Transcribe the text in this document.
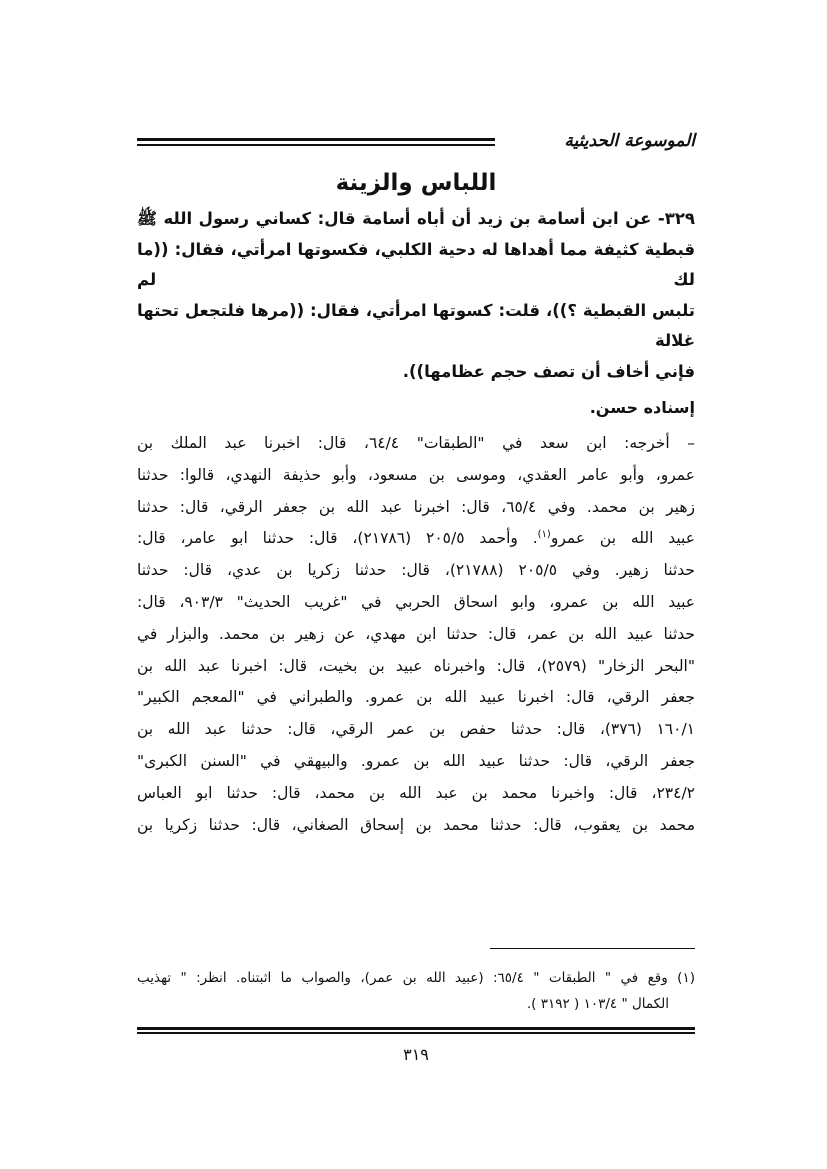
الموسوعة الحديثية
اللباس والزينة

٣٢٩- عن ابن أسامة بن زيد أن أباه أسامة قال: كساني رسول الله ﷺ

قبطية كثيفة مما أهداها له دحية الكلبي، فكسوتها امرأتي، فقال: ((ما لك لم

تلبس القبطية ؟))، قلت: كسوتها امرأتي، فقال: ((مرها فلتجعل تحتها غلالة

فإني أخاف أن تصف حجم عظامها)).

إسناده حسن.

– أخرجه: ابن سعد في "الطبقات" ٦٤/٤، قال: اخبرنا عبد الملك بن

عمرو، وأبو عامر العقدي، وموسى بن مسعود، وأبو حذيفة النهدي، قالوا: حدثنا

زهير بن محمد. وفي ٦٥/٤، قال: اخبرنا عبد الله بن جعفر الرقي، قال: حدثنا

عبيد الله بن عمرو$^{(١)}$. وأحمد ٢٠٥/٥ (٢١٧٨٦)، قال: حدثنا ابو عامر، قال:

حدثنا زهير. وفي ٢٠٥/٥ (٢١٧٨٨)، قال: حدثنا زكريا بن عدي، قال: حدثنا

عبيد الله بن عمرو، وابو اسحاق الحربي في "غريب الحديث" ٩٠٣/٣، قال:

حدثنا عبيد الله بن عمر، قال: حدثنا ابن مهدي، عن زهير بن محمد. والبزار في

"البحر الزخار" (٢٥٧٩)، قال: واخبرناه عبيد بن بخيت، قال: اخبرنا عبد الله بن

جعفر الرقي، قال: اخبرنا عبيد الله بن عمرو. والطبراني في "المعجم الكبير"

١٦٠/١ (٣٧٦)، قال: حدثنا حفص بن عمر الرقي، قال: حدثنا عبد الله بن

جعفر الرقي، قال: حدثنا عبيد الله بن عمرو. والبيهقي في "السنن الكبرى"

٢٣٤/٢، قال: واخبرنا محمد بن عبد الله بن محمد، قال: حدثنا ابو العباس

محمد بن يعقوب، قال: حدثنا محمد بن إسحاق الصغاني، قال: حدثنا زكريا بن

(١) وقع في " الطبقات " ٦٥/٤: (عبيد الله بن عمر)، والصواب ما اثبتناه. انظر: " تهذيب

الكمال " ١٠٣/٤ ( ٣١٩٢ ).

٣١٩
